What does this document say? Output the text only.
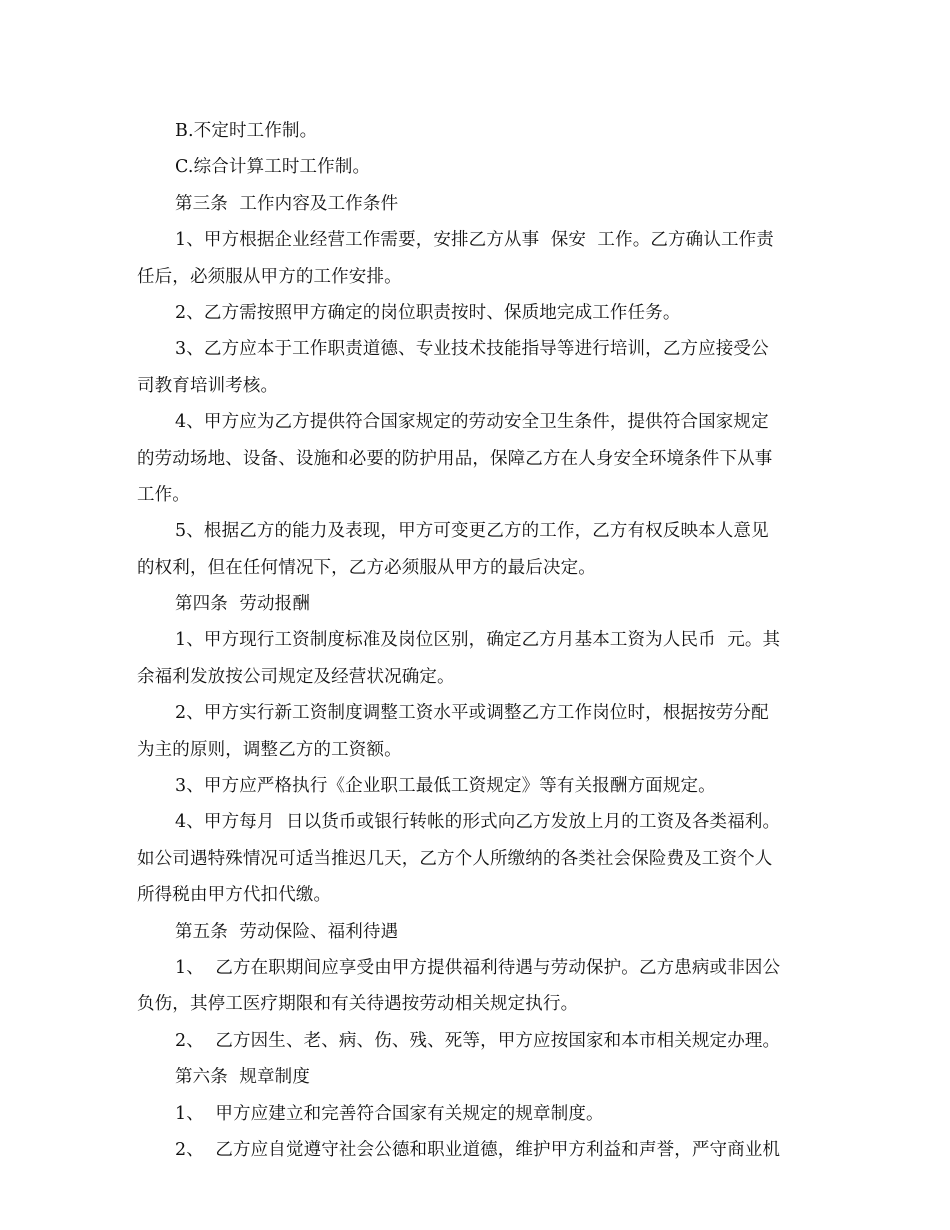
B.不定时工作制。
C.综合计算工时工作制。
第三条  工作内容及工作条件
1、甲方根据企业经营工作需要，安排乙方从事  保安  工作。乙方确认工作责
任后，必须服从甲方的工作安排。
2、乙方需按照甲方确定的岗位职责按时、保质地完成工作任务。
3、乙方应本于工作职责道德、专业技术技能指导等进行培训，乙方应接受公
司教育培训考核。
4、甲方应为乙方提供符合国家规定的劳动安全卫生条件，提供符合国家规定
的劳动场地、设备、设施和必要的防护用品，保障乙方在人身安全环境条件下从事
工作。
5、根据乙方的能力及表现，甲方可变更乙方的工作，乙方有权反映本人意见
的权利，但在任何情况下，乙方必须服从甲方的最后决定。
第四条  劳动报酬
1、甲方现行工资制度标准及岗位区别，确定乙方月基本工资为人民币  元。其
余福利发放按公司规定及经营状况确定。
2、甲方实行新工资制度调整工资水平或调整乙方工作岗位时，根据按劳分配
为主的原则，调整乙方的工资额。
3、甲方应严格执行《企业职工最低工资规定》等有关报酬方面规定。
4、甲方每月  日以货币或银行转帐的形式向乙方发放上月的工资及各类福利。
如公司遇特殊情况可适当推迟几天，乙方个人所缴纳的各类社会保险费及工资个人
所得税由甲方代扣代缴。
第五条  劳动保险、福利待遇
1、  乙方在职期间应享受由甲方提供福利待遇与劳动保护。乙方患病或非因公
负伤，其停工医疗期限和有关待遇按劳动相关规定执行。
2、  乙方因生、老、病、伤、残、死等，甲方应按国家和本市相关规定办理。
第六条  规章制度
1、  甲方应建立和完善符合国家有关规定的规章制度。
2、  乙方应自觉遵守社会公德和职业道德，维护甲方利益和声誉，严守商业机
